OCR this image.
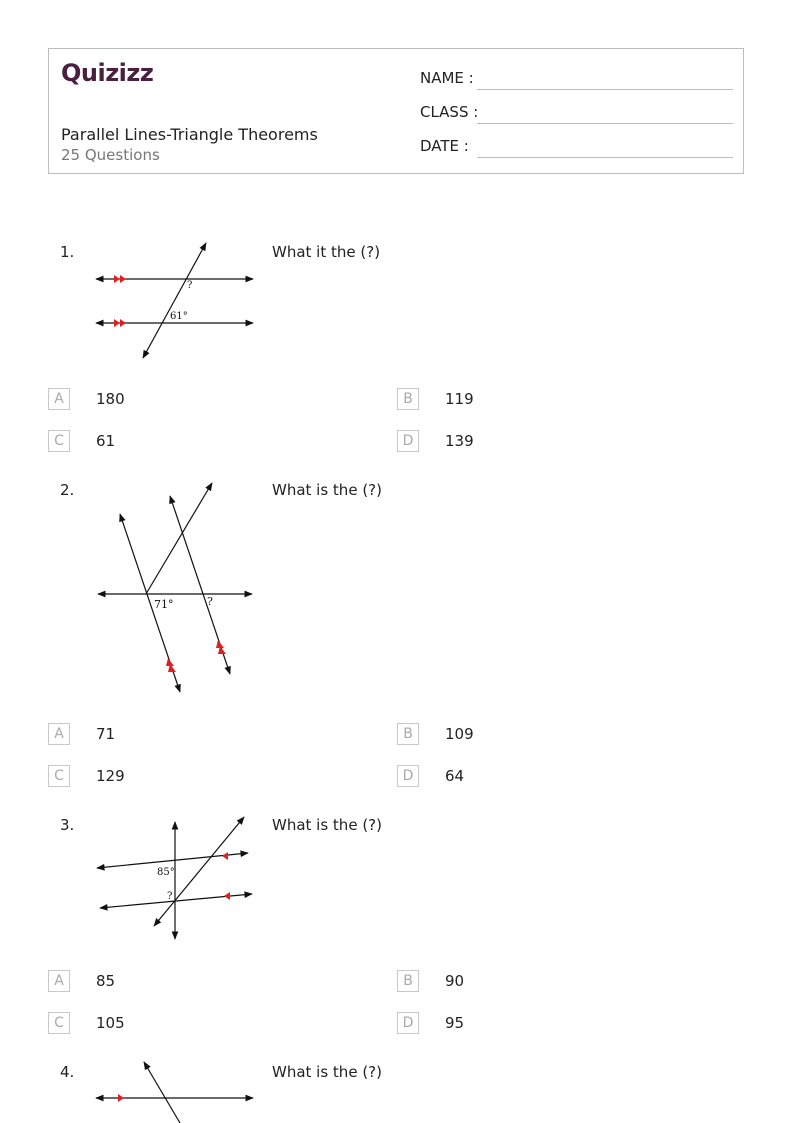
Quizizz
Parallel Lines-Triangle Theorems
25 Questions
NAME :
CLASS :
DATE :
1.	What it the (?)
?
61°
A	180	B	119
C	61	D	139
2.	What is the (?)
71°	?
A	71	B	109
C	129	D	64
3.	What is the (?)
85°
?
A	85	B	90
C	105	D	95
4.	What is the (?)
